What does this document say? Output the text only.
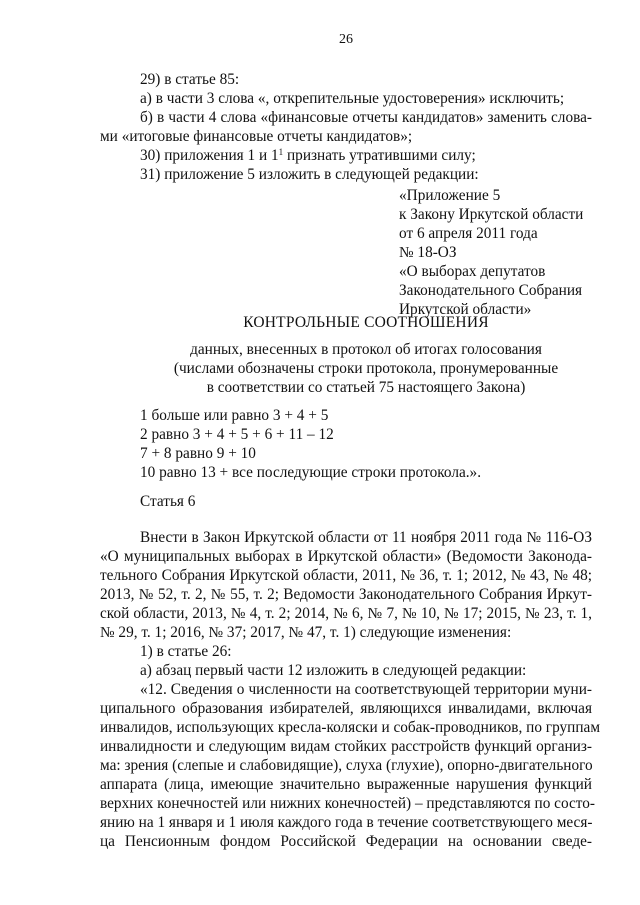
26
29) в статье 85:
а) в части 3 слова «, открепительные удостоверения» исключить;
б) в части 4 слова «финансовые отчеты кандидатов» заменить слова-
ми «итоговые финансовые отчеты кандидатов»;
30) приложения 1 и $1^1$ признать утратившими силу;
31) приложение 5 изложить в следующей редакции:
«Приложение 5
к Закону Иркутской области
от 6 апреля 2011 года
№ 18-ОЗ
«О выборах депутатов
Законодательного Собрания
Иркутской области»
КОНТРОЛЬНЫЕ СООТНОШЕНИЯ
данных, внесенных в протокол об итогах голосования
(числами обозначены строки протокола, пронумерованные
в соответствии со статьей 75 настоящего Закона)
1 больше или равно 3 + 4 + 5
2 равно 3 + 4 + 5 + 6 + 11 – 12
7 + 8 равно 9 + 10
10 равно 13 + все последующие строки протокола.».
Статья 6
Внести в Закон Иркутской области от 11 ноября 2011 года № 116-ОЗ
«О муниципальных выборах в Иркутской области» (Ведомости Законода-
тельного Собрания Иркутской области, 2011, № 36, т. 1; 2012, № 43, № 48;
2013, № 52, т. 2, № 55, т. 2; Ведомости Законодательного Собрания Иркут-
ской области, 2013, № 4, т. 2; 2014, № 6, № 7, № 10, № 17; 2015, № 23, т. 1,
№ 29, т. 1; 2016, № 37; 2017, № 47, т. 1) следующие изменения:
1) в статье 26:
а) абзац первый части 12 изложить в следующей редакции:
«12. Сведения о численности на соответствующей территории муни-
ципального образования избирателей, являющихся инвалидами, включая
инвалидов, использующих кресла-коляски и собак-проводников, по группам
инвалидности и следующим видам стойких расстройств функций организ-
ма: зрения (слепые и слабовидящие), слуха (глухие), опорно-двигательного
аппарата (лица, имеющие значительно выраженные нарушения функций
верхних конечностей или нижних конечностей) – представляются по состо-
янию на 1 января и 1 июля каждого года в течение соответствующего меся-
ца Пенсионным фондом Российской Федерации на основании сведе-
